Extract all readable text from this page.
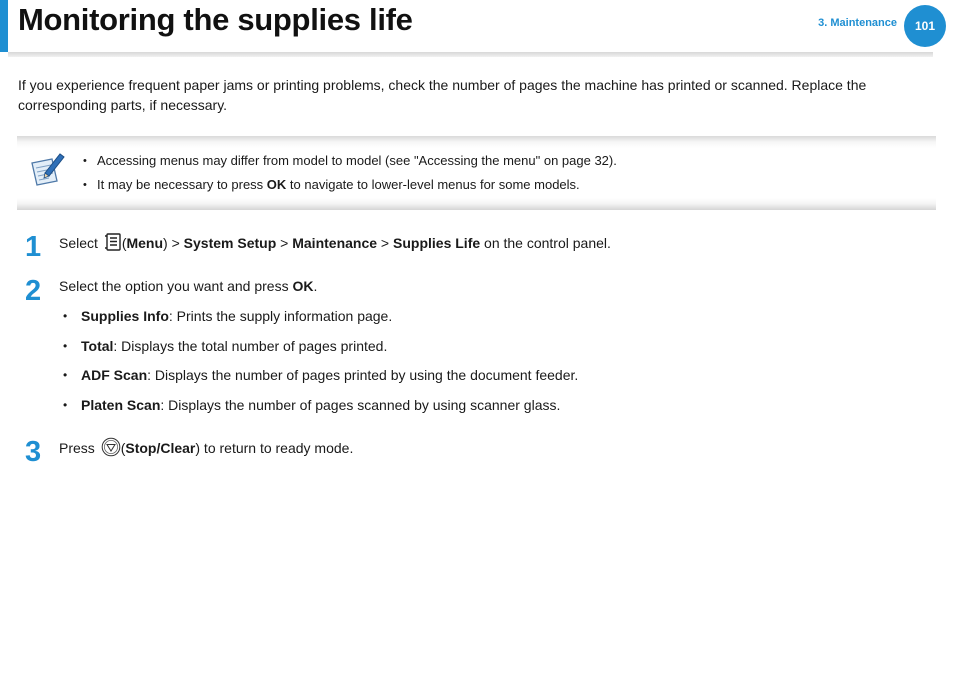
Monitoring the supplies life	3. Maintenance	101

If you experience frequent paper jams or printing problems, check the number of pages the machine has printed or scanned. Replace the corresponding parts, if necessary.

• Accessing menus may differ from model to model (see "Accessing the menu" on page 32).
• It may be necessary to press OK to navigate to lower-level menus for some models.
1 Select (Menu) > System Setup > Maintenance > Supplies Life on the control panel.
2 Select the option you want and press OK.
• Supplies Info: Prints the supply information page.
• Total: Displays the total number of pages printed.
• ADF Scan: Displays the number of pages printed by using the document feeder.
• Platen Scan: Displays the number of pages scanned by using scanner glass.
3 Press (Stop/Clear) to return to ready mode.
